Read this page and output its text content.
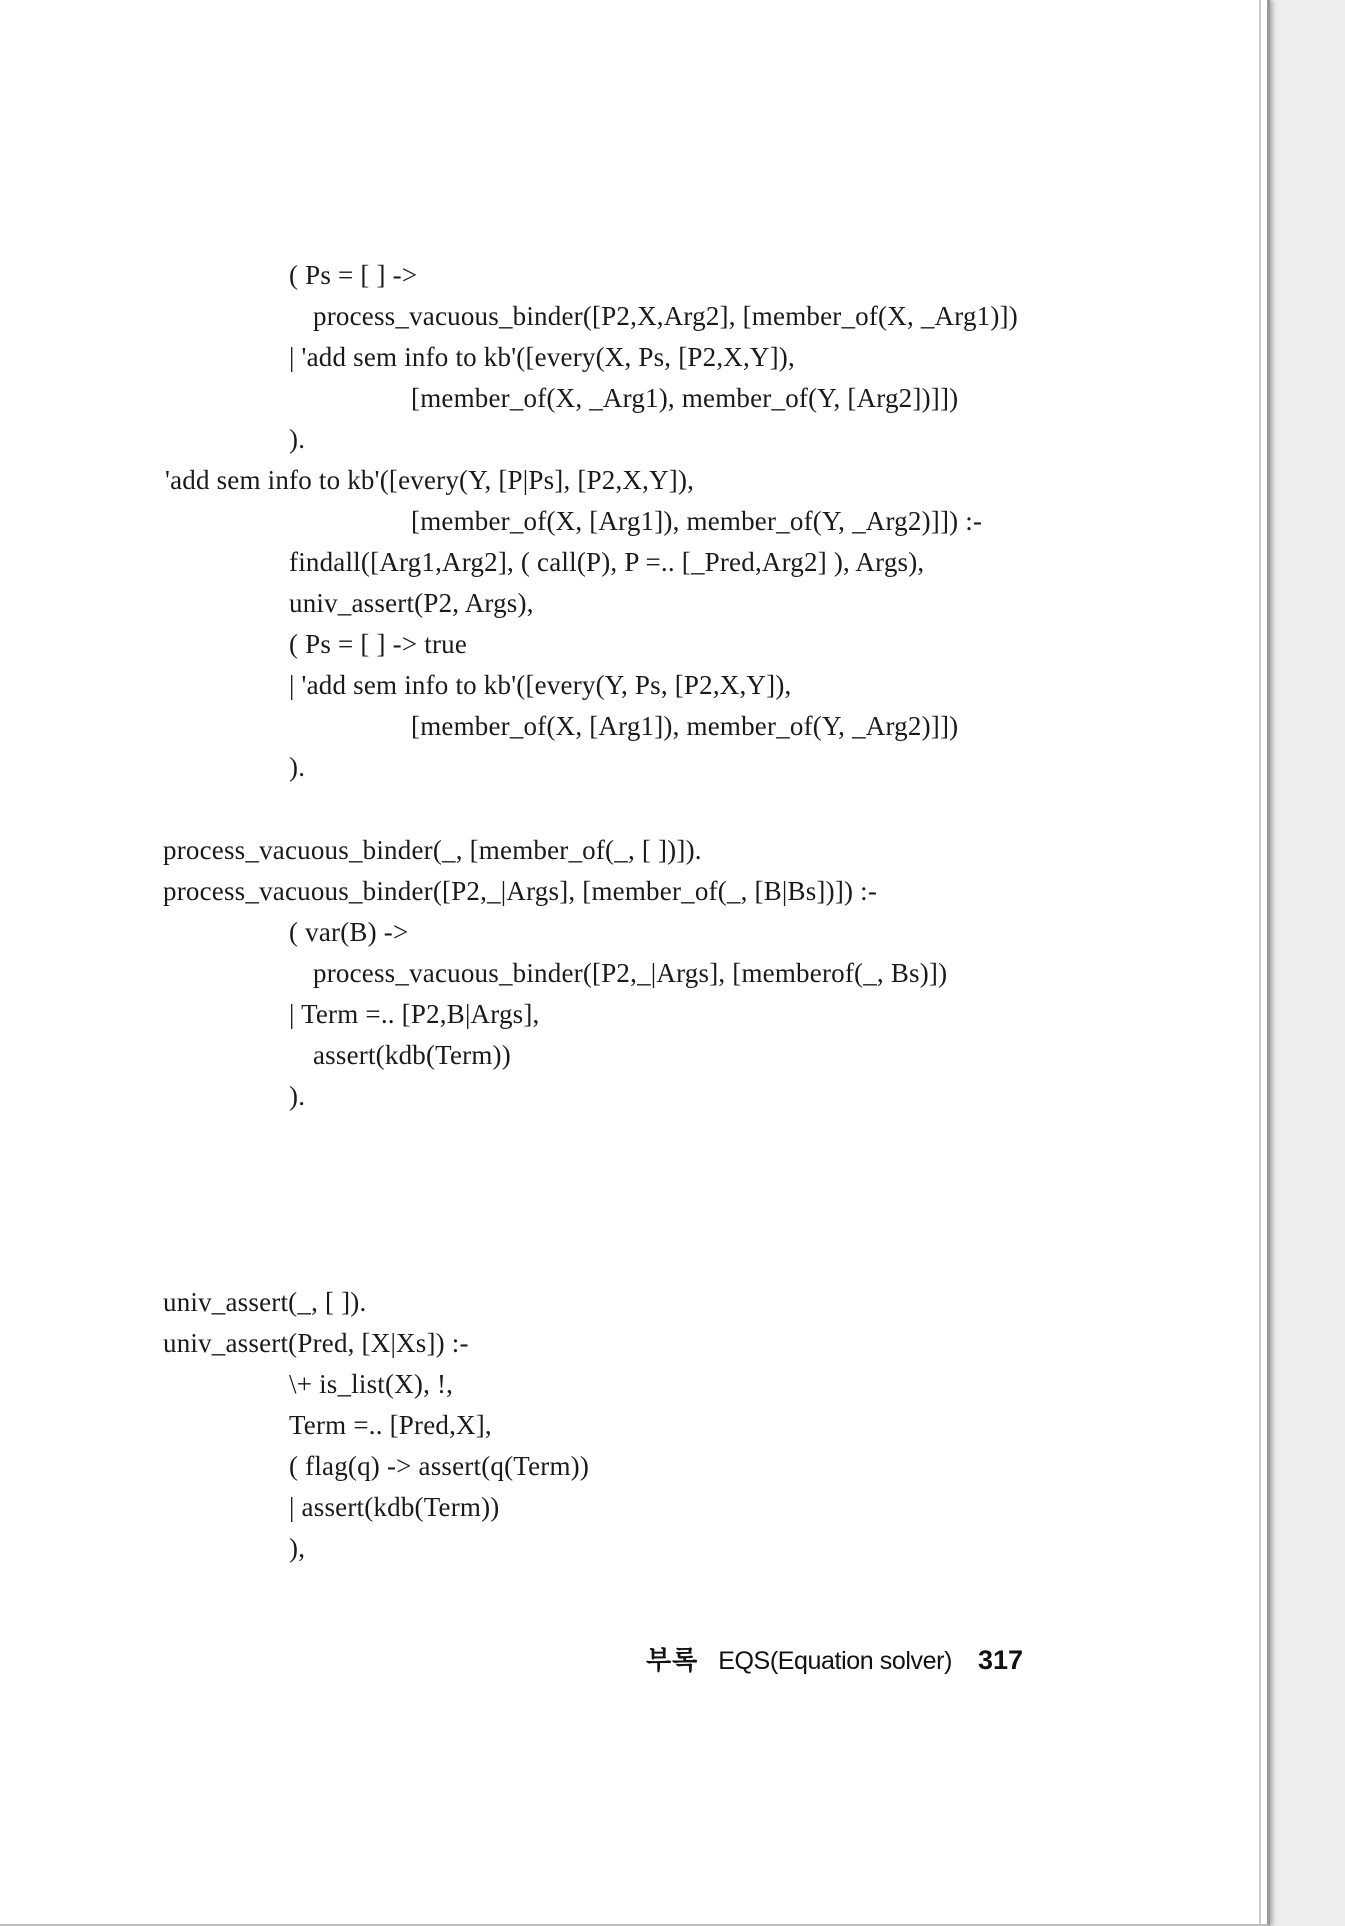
( Ps = [ ] ->
process_vacuous_binder([P2,X,Arg2], [member_of(X, _Arg1)])
| 'add sem info to kb'([every(X, Ps, [P2,X,Y]),
[member_of(X, _Arg1), member_of(Y, [Arg2])]])
).
'add sem info to kb'([every(Y, [P|Ps], [P2,X,Y]),
[member_of(X, [Arg1]), member_of(Y, _Arg2)]]) :-
findall([Arg1,Arg2], ( call(P), P =.. [_Pred,Arg2] ), Args),
univ_assert(P2, Args),
( Ps = [ ] -> true
| 'add sem info to kb'([every(Y, Ps, [P2,X,Y]),
[member_of(X, [Arg1]), member_of(Y, _Arg2)]])
).
process_vacuous_binder(_, [member_of(_, [ ])]).
process_vacuous_binder([P2,_|Args], [member_of(_, [B|Bs])]) :-
( var(B) ->
process_vacuous_binder([P2,_|Args], [memberof(_, Bs)])
| Term =.. [P2,B|Args],
assert(kdb(Term))
).
univ_assert(_, [ ]).
univ_assert(Pred, [X|Xs]) :-
\+ is_list(X), !,
Term =.. [Pred,X],
( flag(q) -> assert(q(Term))
| assert(kdb(Term))
),
부록 EQS(Equation solver) 317
